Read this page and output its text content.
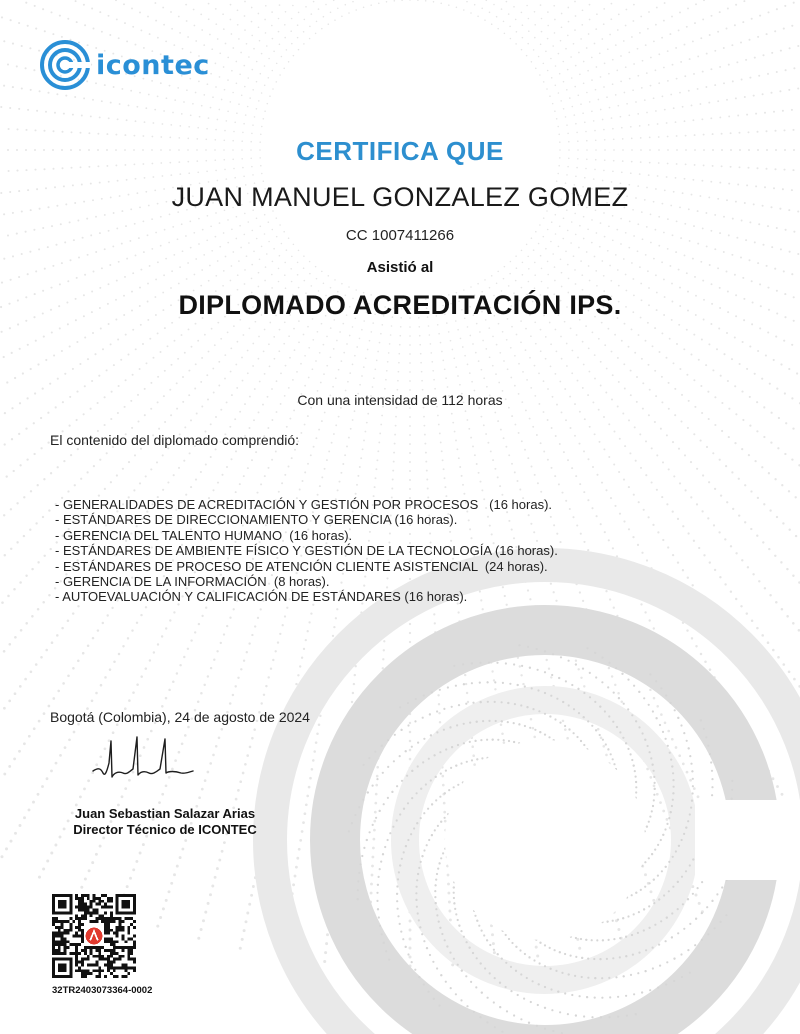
icontec
CERTIFICA QUE
JUAN MANUEL GONZALEZ GOMEZ
CC 1007411266
Asistió al
DIPLOMADO ACREDITACIÓN IPS.
Con una intensidad de 112 horas
El contenido del diplomado comprendió:
- GENERALIDADES DE ACREDITACIÓN Y GESTIÓN POR PROCESOS   (16 horas).
- ESTÁNDARES DE DIRECCIONAMIENTO Y GERENCIA (16 horas).
- GERENCIA DEL TALENTO HUMANO  (16 horas).
- ESTÁNDARES DE AMBIENTE FÍSICO Y GESTIÓN DE LA TECNOLOGÍA (16 horas).
- ESTÁNDARES DE PROCESO DE ATENCIÓN CLIENTE ASISTENCIAL  (24 horas).
- GERENCIA DE LA INFORMACIÓN  (8 horas).
- AUTOEVALUACIÓN Y CALIFICACIÓN DE ESTÁNDARES (16 horas).
Bogotá (Colombia), 24 de agosto de 2024
Juan Sebastian Salazar Arias
Director Técnico de ICONTEC
32TR2403073364-0002
